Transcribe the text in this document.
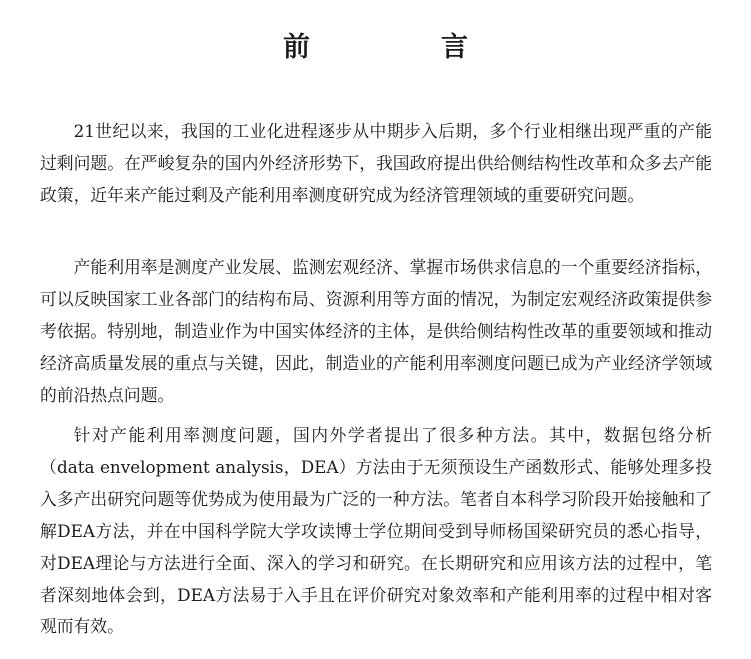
前　言

21世纪以来，我国的工业化进程逐步从中期步入后期，多个行业相继出现严重的产能过剩问题。在严峻复杂的国内外经济形势下，我国政府提出供给侧结构性改革和众多去产能政策，近年来产能过剩及产能利用率测度研究成为经济管理领域的重要研究问题。

产能利用率是测度产业发展、监测宏观经济、掌握市场供求信息的一个重要经济指标，可以反映国家工业各部门的结构布局、资源利用等方面的情况，为制定宏观经济政策提供参考依据。特别地，制造业作为中国实体经济的主体，是供给侧结构性改革的重要领域和推动经济高质量发展的重点与关键，因此，制造业的产能利用率测度问题已成为产业经济学领域的前沿热点问题。

针对产能利用率测度问题，国内外学者提出了很多种方法。其中，数据包络分析（data envelopment analysis，DEA）方法由于无须预设生产函数形式、能够处理多投入多产出研究问题等优势成为使用最为广泛的一种方法。笔者自本科学习阶段开始接触和了解DEA方法，并在中国科学院大学攻读博士学位期间受到导师杨国梁研究员的悉心指导，对DEA理论与方法进行全面、深入的学习和研究。在长期研究和应用该方法的过程中，笔者深刻地体会到，DEA方法易于入手且在评价研究对象效率和产能利用率的过程中相对客观而有效。
